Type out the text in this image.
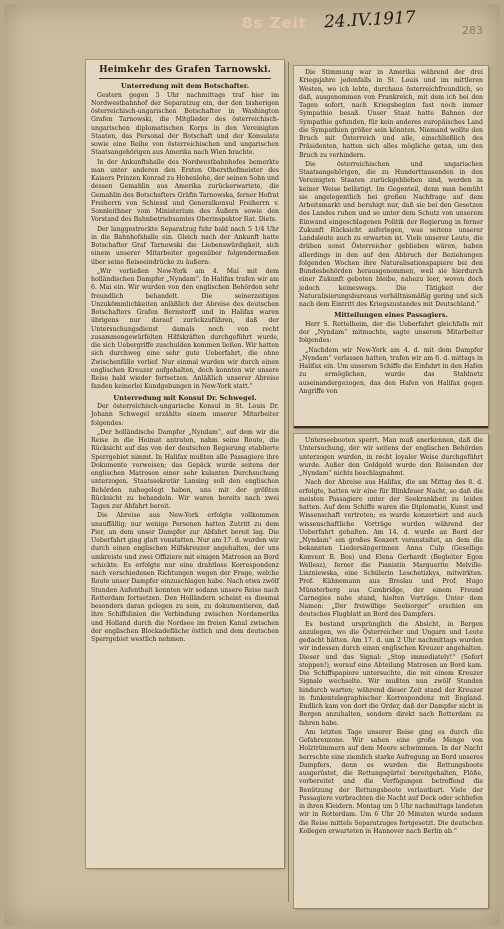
8s Zeit 24.IV.1917	283
Heimkehr des Grafen Tarnowski.
Unterredung mit dem Botschafter.

Gestern gegen 5 Uhr nachmittags traf hier im Nordwestbahnhof der Separatzug ein, der den bisherigen österreichisch-ungarischen Botschafter in Washington Grafen Tarnowski, die Mitglieder des österreichisch-ungarischen diplomatischen Korps in den Vereinigten Staaten, das Personal der Botschaft und der Konsulate sowie eine Reihe von österreichischen und ungarischen Staatsangehörigen aus Amerika nach Wien brachte.

In der Ankunftshalle des Nordwestbahnhofes bemerkte man unter anderen den Ersten Obersthofmeister des Kaisers Prinzen Konrad zu Hohenlohe, der seinen Sohn und dessen Gemahlin aus Amerika zurückerwartete, die Gemahlin des Botschafters Gräfin Tarnowska, ferner Hofrat Freiherrn von Schiessl und Generalkonsul Freiherrn v. Sonnleithner vom Ministerium des Äußern sowie den Vorstand des Bahnbetriebsamtes Oberinspektor Rat. Diets.

Der langgestreckte Separatzug fuhr bald nach 5 1/4 Uhr in die Bahnhofshalle ein. Gleich nach der Ankunft hatte Botschafter Graf Tarnowski die Liebenswürdigkeit, sich einem unserer Mitarbeiter gegenüber folgendermaßen über seine Reiseeindrücke zu äußern:

„Wir verließen New-York am 4. Mai mit dem holländischen Dampfer „Nyndam“. In Halifax trafen wir am 6. Mai ein. Wir wurden von den englischen Behörden sehr freundlich behandelt. Die seinerzeitigen Unzukömmlichkeiten anläßlich der Abreise des deutschen Botschafters Grafen Bernstorff und in Halifax waren übrigens nur darauf zurückzuführen, daß der Untersuchungsdienst damals noch von recht zusammengewürfelten Hilfskräften durchgeführt wurde, die sich Uebergriffe zuschulden kommen ließen. Wir hatten sich durchweg eine sehr gute Ueberfahrt, die ohne Zwischenfälle verlief. Nur einmal wurden wir durch einen englischen Kreuzer aufgehalten, doch konnten wir unsere Reise bald wieder fortsetzen. Anläßlich unserer Abreise fanden keinerlei Kundgebungen in New-York statt.“

Unterredung mit Konsul Dr. Schwegel.

Der österreichisch-ungarische Konsul in St. Louis Dr. Johann Schwegel erzählte einem unserer Mitarbeiter folgendes:

„Der holländische Dampfer „Nyndam“, auf dem wir die Reise in die Heimat antraten, nahm seine Route, die Rücksicht auf das von der deutschen Regierung etablierte Sperrgebiet nimmt. In Halifax mußten alle Passagiere ihre Dokumente vorweisen; das Gepäck wurde seitens der englischen Matrosen einer sehr kulanten Durchsuchung unterzogen. Staatssekretär Lansing soll den englischen Behörden nahegelegt haben, uns mit der größten Rücksicht zu behandeln. Wir waren bereits nach zwei Tagen zur Abfahrt bereit.

Die Abreise aus New-York erfolgte vollkommen unauffällig; nur wenige Personen hatten Zutritt zu dem Pier, an dem unser Dampfer zur Abfahrt bereit lag. Die Ueberfahrt ging glatt vonstatten. Nur am 17. d. wurden wir durch einen englischen Hilfskreuzer angehalten, der uns umkreiste und zwei Offiziere mit einigen Matrosen an Bord schickte. Es erfolgte nur eine drahtlose Korrespondenz nach verschiedenen Richtungen wegen der Frage, welche Route unser Dampfer einzuschlagen habe. Nach etwa zwölf Stunden Aufenthalt konnten wir sodann unsere Reise nach Rotterdam fortsetzen. Den Holländern scheint es diesmal besonders daran gelegen zu sein, zu dokumentieren, daß ihre Schiffslinien die Verbindung zwischen Nordamerika und Holland durch die Nordsee im freien Kanal zwischen der englischen Blockadefläche östlich und dem deutschen Sperrgebiet westlich nehmen.

Die Stimmung war in Amerika während der drei Kriegsjahre jedenfalls in St. Louis und im mittleren Westen, wo ich lebte, durchaus österreichfreundlich, so daß, ausgenommen von Frankreich, mit dem ich bei den Tagen sofort, nach Kriegsbeginn fast noch immer Sympathie besaß. Unser Staat hatte Bahnen der Sympathie gefunden, für kein anderes europäisches Land die Sympathien größer sein könnten. Niemand wollte den Bruch mit Österreich und alle, einschließlich des Präsidenten, hatten sich alles mögliche getan, um den Bruch zu verhindern.

Die österreichischen und ungarischen Staatsangehörigen, die zu Hunderttausenden in den Vereinigten Staaten zurückgeblieben sind, werden in keiner Weise belästigt. Im Gegenteil, denn man bemüht sie angelegentlich bei großen Nachfrage auf dem Arbeitsmarkt und beruhigt nur, daß sie bei den Gesetzen des Landes ruhen und so unter dem Schutz von unserem Einwand eingeschlagenen Politik der Regierung in ferner Zukunft Rücksicht auferlegen, was seitens unserer Landsleute auch zu erwarten ist. Viele unserer Leute, die drüben sonst Österreicher geblieben wären, haben allerdings in den auf den Abbruch der Beziehungen folgenden Wochen ihre Naturalisationspapiere bei den Bundesbehörden herausgenommen, weil sie hierdurch einer Zukunft geboten bleibe, nahezu leer, wovon doch jedoch keineswegs. Die Tätigkeit der Naturalisierungsbureaus verhältnismäßig gering und sich nach dem Eintritt des Kriegszustandes mit Deutschland.“

Mitteilungen eines Passagiers.

Herr S. Rettelheim, der die Ueberfahrt gleichfalls mit der „Nyndam“ mitmachte, sagte unserem Mitarbeiter folgendes:

„Nachdem wir New-York am 4. d. mit dem Dampfer „Nyndam“ verlassen hatten, trafen wir am 6. d. mittags in Halifax ein. Um unserem Schiffe die Einfahrt in den Hafen zu ermöglichen, wurde das Stahlnetz auseinandergezogen, das den Hafen von Halifax gegen Angriffe von

Unterseebooten sperrt. Man muß anerkennen, daß die Untersuchung, der wir seitens der englischen Behörden unterzogen wurden, in recht loyaler Weise durchgeführt wurde. Außer den Goldgeld wurde den Reisenden der „Nyndam“ nichts beschlagnahmt.

Nach der Abreise aus Halifax, die am Mittag des 8. d. erfolgte, hatten wir eine für Blinkfeuer Nacht, so daß die meisten Passagiere unter der Seekrankheit zu leiden hatten. Auf dem Schiffe waren die Diplomatie, Kunst und Wissenschaft vertreten; es wurde konzertiert und auch wissenschaftliche Vorträge wurden während der Ueberfahrt gehalten. Am 14. d. wurde an Bord der „Nyndam“ ein großes Konzert veranstaltet, an dem die bekannten Liedersängerinnen Anna Culp (Gesellige Konvent B. Bos) und Elena Gerhardt (Begleiter Egon Wellesz), ferner die Pianistin Marguerite Melville-Liszniewska, eine Schülerin Leschetizkys, mitwirkten. Prof. Kühnemann aus Breslau und Prof. Hugo Münsterberg aus Cambridge, der einem Freund Carnegies nahe stand, hielten Vorträge. Unter dem Namen: „Der freiwillige Seelsorger“ erschien ein deutsches Flugblatt an Bord des Dampfers.

Es bestand ursprünglich die Absicht, in Bergen anzulegen, wo die Österreicher und Ungarn und Leute gedacht hätten. Am 17. d. um 2 Uhr nachmittags wurden wir indessen durch einen englischen Kreuzer angehalten. Dieser und das Signal: „Stop immediately!“ (Sofort stoppen!), worauf eine Abteilung Matrosen an Bord kam. Die Schiffspapiere untersuchte, die mit einem Kreuzer Signale wechselte. Wir mußten nun zwölf Stunden hindurch warten; während dieser Zeit stand der Kreuzer in funkentelegraphischer Korrespondenz mit England. Endlich kam von dort die Order, daß der Dampfer nicht in Bergen anzuhalten, sondern direkt nach Rotterdam zu fahren habe.

Am letzten Tage unserer Reise ging es durch die Gefahrenzone. Wir sahen eine große Menge von Holztrümmern auf dem Meere schwimmen. In der Nacht herrschte eine ziemlich starke Aufregung an Bord unseres Dampfers, denn es wurden die Rettungsboote ausgerüstet, die Rettungsgürtel bereitgehalten, Flöße, vorbereitet und die Verfügungen betreffend die Benützung der Rettungsboote verlautbart. Viele der Passagiere verbrachten die Nacht auf Deck oder schliefen in ihren Kleidern. Montag um 5 Uhr nachmittags landeten wir in Rotterdam. Um 6 Uhr 20 Minuten wurde sodann die Reise mittels Separatzuges fortgesetzt. Die deutschen Kollegen erwarteten in Hannover nach Berlin ab.“
